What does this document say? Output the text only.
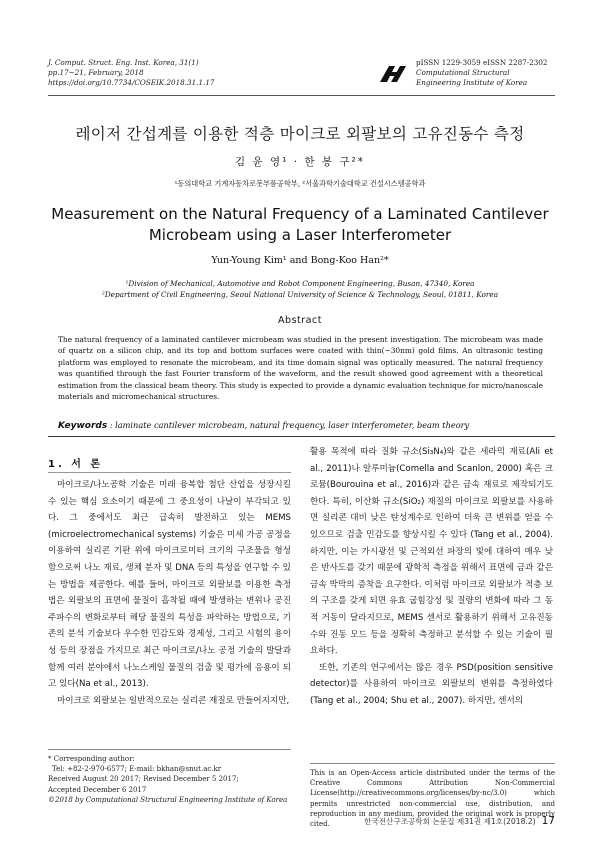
J. Comput. Struct. Eng. Inst. Korea, 31(1)
pp.17~21, February, 2018
https://doi.org/10.7734/COSEIK.2018.31.1.17
pISSN 1229-3059 eISSN 2287-2302
Computational Structural
Engineering Institute of Korea
레이저 간섭계를 이용한 적층 마이크로 외팔보의 고유진동수 측정
김 윤 영¹ · 한 봉 구²*
¹동의대학교 기계자동차로봇부품공학부, ²서울과학기술대학교 건설시스템공학과
Measurement on the Natural Frequency of a Laminated Cantilever
Microbeam using a Laser Interferometer
Yun-Young Kim¹ and Bong-Koo Han²*
¹Division of Mechanical, Automotive and Robot Component Engineering, Busan, 47340, Korea
²Department of Civil Engineering, Seoul National University of Science & Technology, Seoul, 01811, Korea
Abstract
The natural frequency of a laminated cantilever microbeam was studied in the present investigation. The microbeam was made of quartz on a silicon chip, and its top and bottom surfaces were coated with thin(~30nm) gold films. An ultrasonic testing platform was employed to resonate the microbeam, and its time domain signal was optically measured. The natural frequency was quantified through the fast Fourier transform of the waveform, and the result showed good agreement with a theoretical estimation from the classical beam theory. This study is expected to provide a dynamic evaluation technique for micro/nanoscale materials and micromechanical structures.
Keywords : laminate cantilever microbeam, natural frequency, laser interferometer, beam theory
1. 서 론

마이크로/나노공학 기술은 미래 융복합 첨단 산업을 성장시킬 수 있는 핵심 요소이기 때문에 그 중요성이 나날이 부각되고 있다. 그 중에서도 최근 급속히 발전하고 있는 MEMS (microelectromechanical systems) 기술은 미세 가공 공정을 이용하여 실리콘 기판 위에 마이크로미터 크기의 구조물을 형성함으로써 나노 재료, 생체 분자 및 DNA 등의 특성을 연구할 수 있는 방법을 제공한다. 예를 들어, 마이크로 외팔보를 이용한 측정법은 외팔보의 표면에 물질이 흡착될 때에 발생하는 변위나 공진주파수의 변화로부터 해당 물질의 특성을 파악하는 방법으로, 기존의 분석 기술보다 우수한 민감도와 경제성, 그리고 시험의 용이성 등의 장점을 가지므로 최근 마이크로/나노 공정 기술의 발달과 함께 여러 분야에서 나노스케일 물질의 검출 및 평가에 응용이 되고 있다(Na et al., 2013).

마이크로 외팔보는 일반적으로는 실리콘 재질로 만들어지지만,

활용 목적에 따라 질화 규소(Si₃N₄)와 같은 세라믹 재료(Ali et al., 2011)나 알루미늄(Comella and Scanlon, 2000) 혹은 크로뮴(Bourouina et al., 2016)과 같은 금속 재료로 제작되기도 한다. 특히, 이산화 규소(SiO₂) 재질의 마이크로 외팔보를 사용하면 실리콘 대비 낮은 탄성계수로 인하여 더욱 큰 변위를 얻을 수 있으므로 검출 민감도를 향상시킬 수 있다 (Tang et al., 2004). 하지만, 이는 가시광선 및 근적외선 파장의 빛에 대하여 매우 낮은 반사도를 갖기 때문에 광학적 측정을 위해서 표면에 금과 같은 금속 박막의 증착을 요구한다. 이처럼 마이크로 외팔보가 적층 보의 구조를 갖게 되면 유효 굽힘강성 및 질량의 변화에 따라 그 동적 거동이 달라지므로, MEMS 센서로 활용하기 위해서 고유진동수와 진동 모드 등을 정확히 측정하고 분석할 수 있는 기술이 필요하다.

또한, 기존의 연구에서는 많은 경우 PSD(position sensitive detector)를 사용하여 마이크로 외팔보의 변위를 측정하였다 (Tang et al., 2004; Shu et al., 2007). 하지만, 센서의

* Corresponding author:
Tel: +82-2-970-6577; E-mail: bkhan@snut.ac.kr
Received August 20 2017; Revised December 5 2017;
Accepted December 6 2017
©2018 by Computational Structural Engineering Institute of Korea
This is an Open-Access article distributed under the terms of the Creative Commons Attribution Non-Commercial License(http://creativecommons.org/licenses/by-nc/3.0) which permits unrestricted non-commercial use, distribution, and reproduction in any medium, provided the original work is properly cited.	한국전산구조공학회 논문집 제31권 제1호(2018.2) 17
